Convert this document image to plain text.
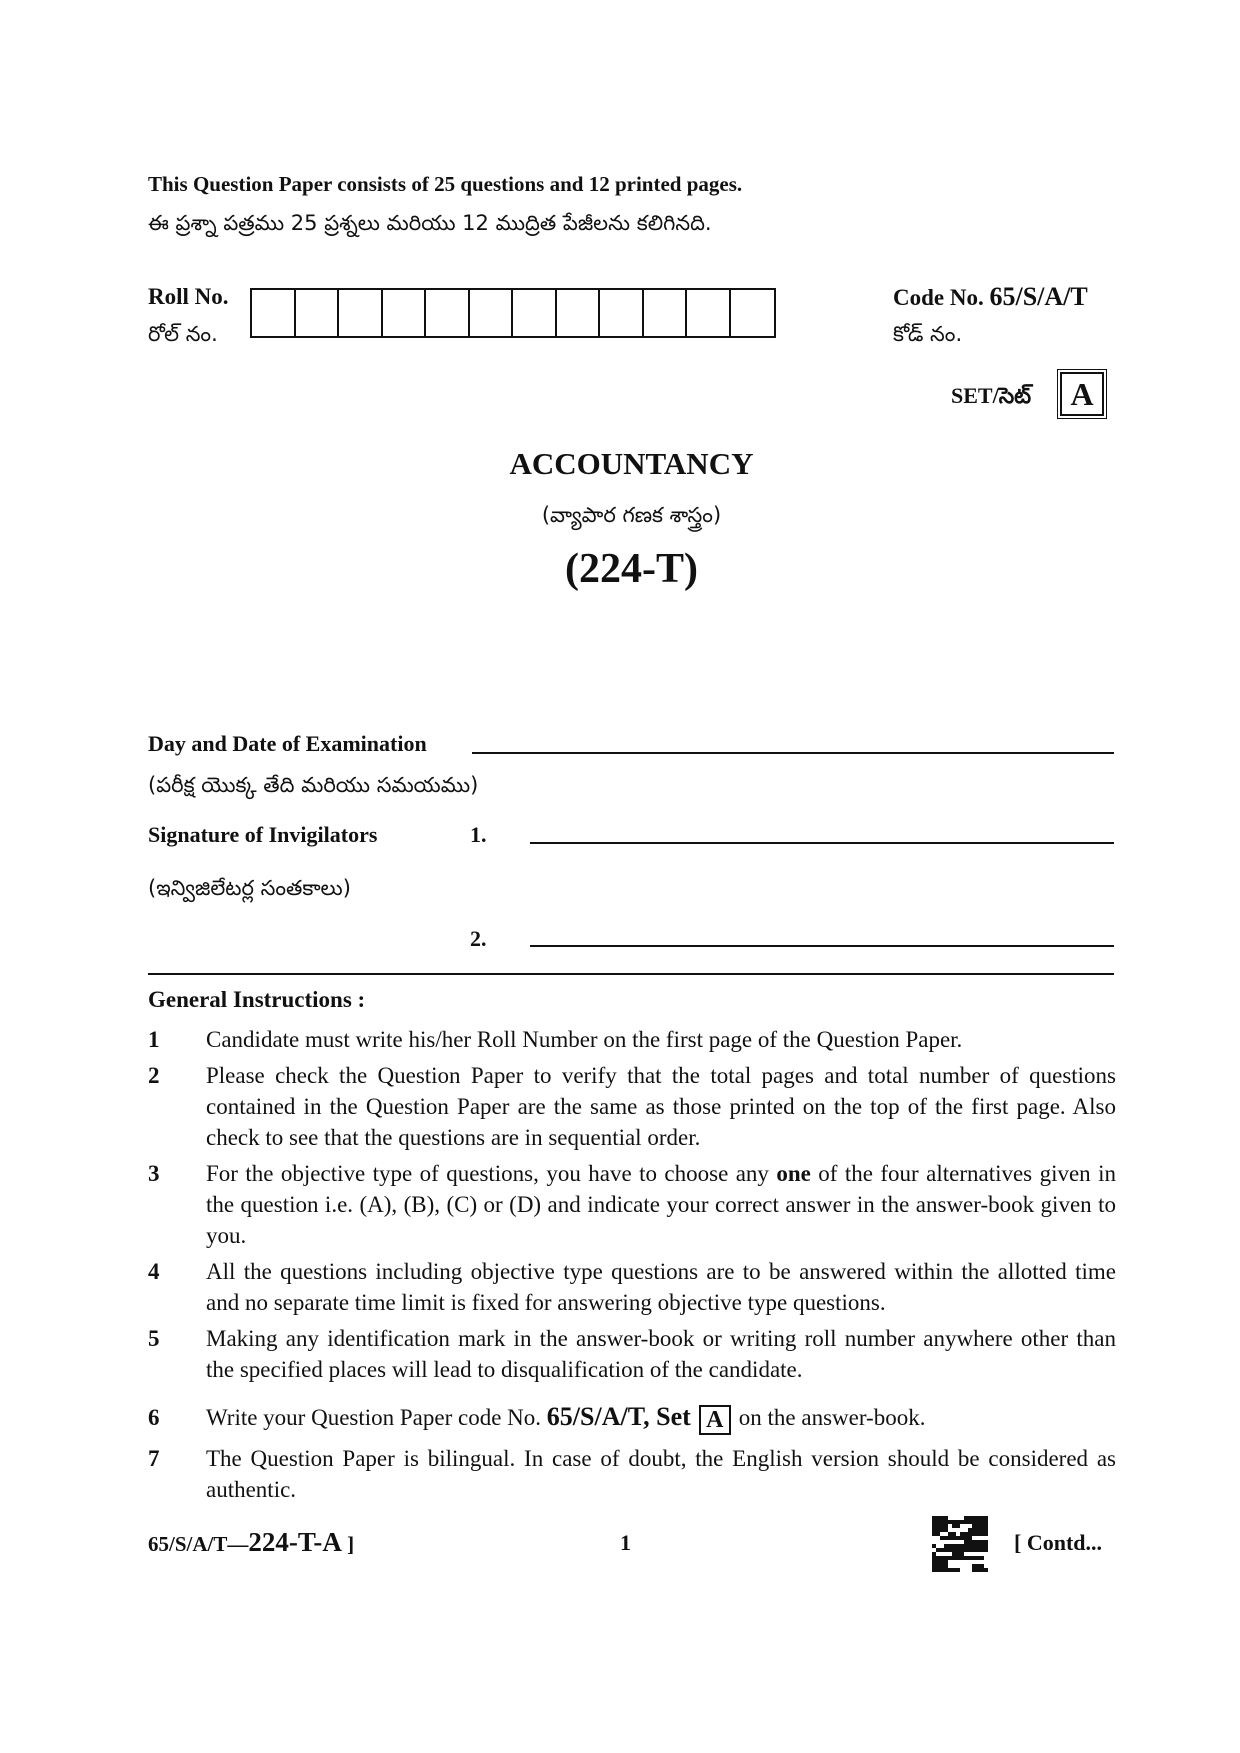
This Question Paper consists of 25 questions and 12 printed pages.
ఈ ప్రశ్నా పత్రము 25 ప్రశ్నలు మరియు 12 ముద్రిత పేజీలను కలిగినది.
Roll No.
రోల్ నం.
Code No. 65/S/A/T
కోడ్ నం.
SET/సెట్	A
ACCOUNTANCY
(వ్యాపార గణక శాస్త్రం)
(224-T)
Day and Date of Examination
(పరీక్ష యొక్క తేది మరియు సమయము)
Signature of Invigilators	1.
(ఇన్విజిలేటర్ల సంతకాలు)
2.
General Instructions :
1	Candidate must write his/her Roll Number on the first page of the Question Paper.
2	Please check the Question Paper to verify that the total pages and total number of questions contained in the Question Paper are the same as those printed on the top of the first page. Also check to see that the questions are in sequential order.
3	For the objective type of questions, you have to choose any one of the four alternatives given in the question i.e. (A), (B), (C) or (D) and indicate your correct answer in the answer-book given to you.
4	All the questions including objective type questions are to be answered within the allotted time and no separate time limit is fixed for answering objective type questions.
5	Making any identification mark in the answer-book or writing roll number anywhere other than the specified places will lead to disqualification of the candidate.
6	Write your Question Paper code No. 65/S/A/T, Set A on the answer-book.
7	The Question Paper is bilingual. In case of doubt, the English version should be considered as authentic.
65/S/A/T—224-T-A ]	1	[ Contd...
